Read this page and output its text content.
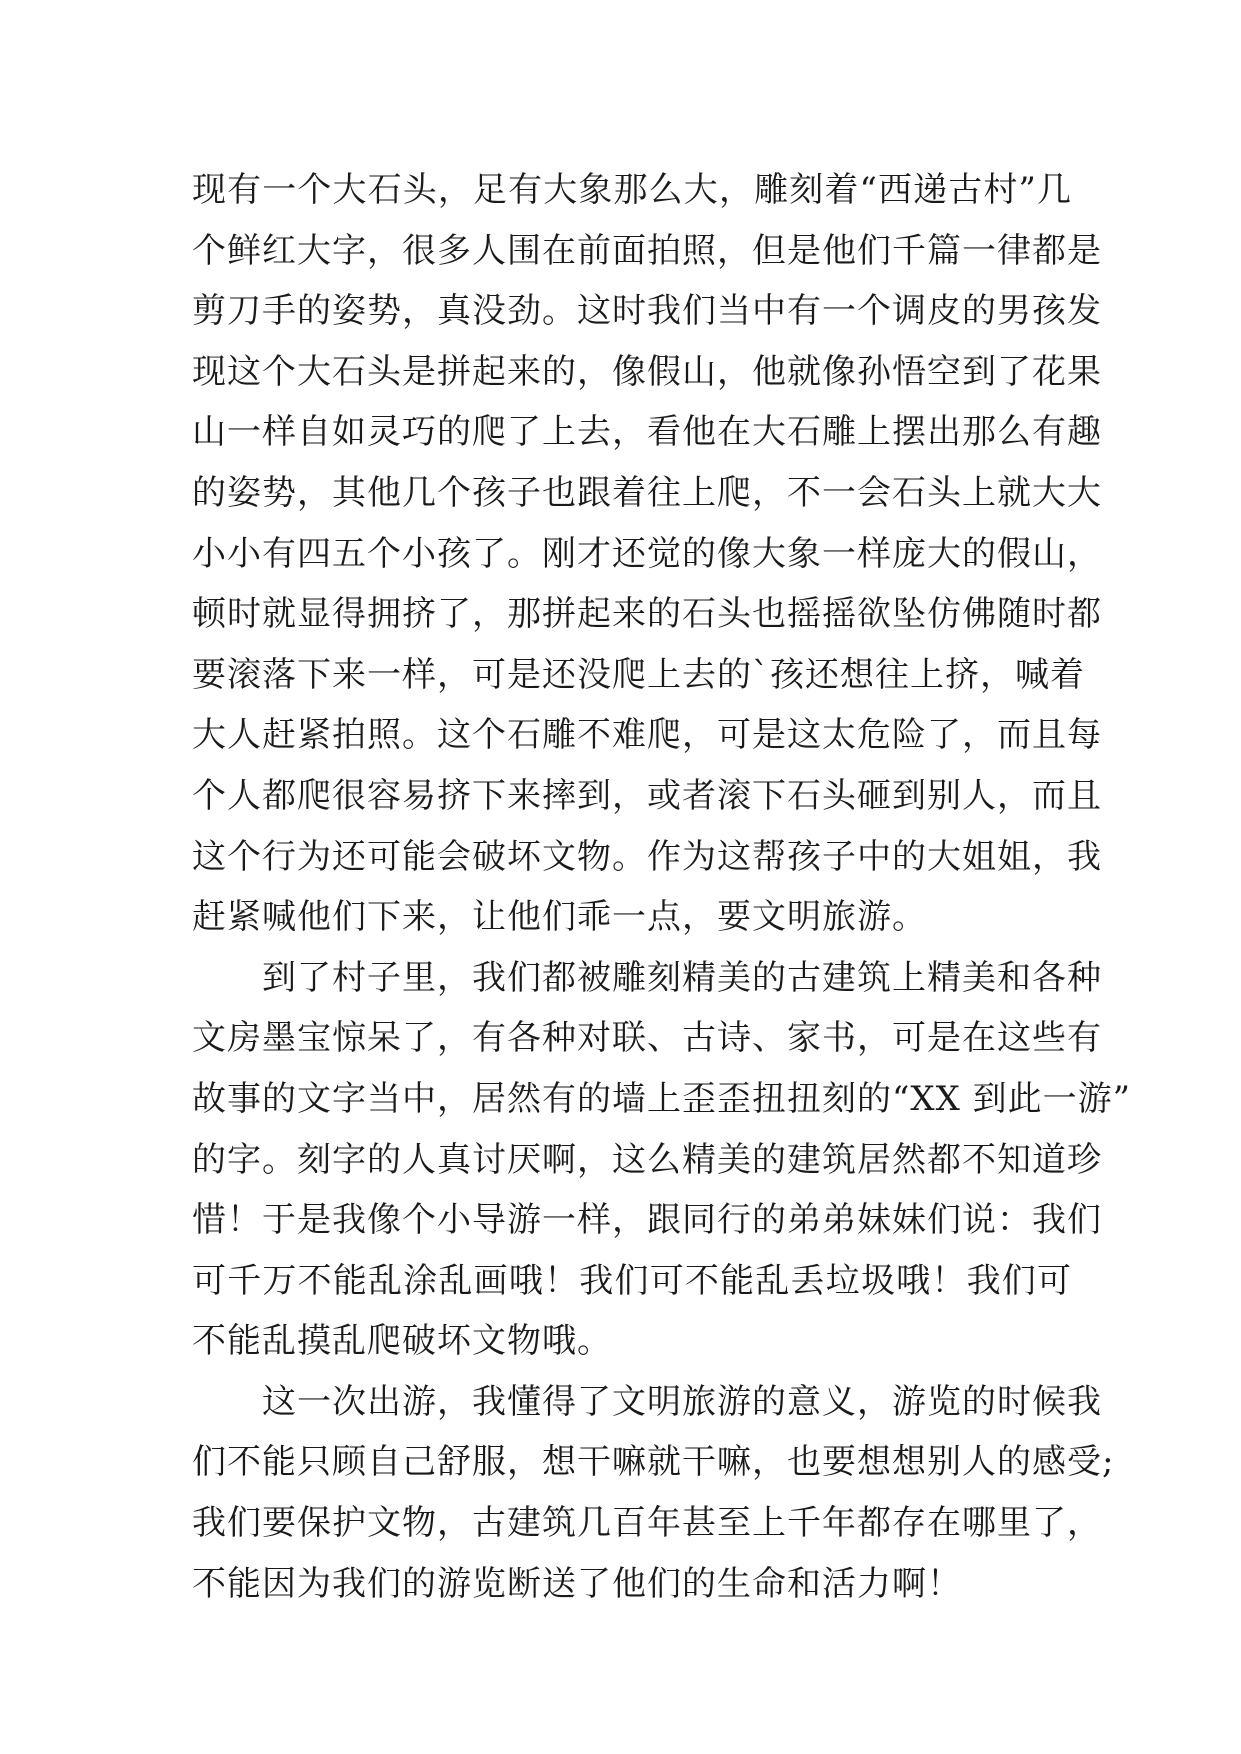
现有一个大石头，足有大象那么大，雕刻着“西递古村”几
个鲜红大字，很多人围在前面拍照，但是他们千篇一律都是
剪刀手的姿势，真没劲。这时我们当中有一个调皮的男孩发
现这个大石头是拼起来的，像假山，他就像孙悟空到了花果
山一样自如灵巧的爬了上去，看他在大石雕上摆出那么有趣
的姿势，其他几个孩子也跟着往上爬，不一会石头上就大大
小小有四五个小孩了。刚才还觉的像大象一样庞大的假山，
顿时就显得拥挤了，那拼起来的石头也摇摇欲坠仿佛随时都
要滚落下来一样，可是还没爬上去的`孩还想往上挤，喊着
大人赶紧拍照。这个石雕不难爬，可是这太危险了，而且每
个人都爬很容易挤下来摔到，或者滚下石头砸到别人，而且
这个行为还可能会破坏文物。作为这帮孩子中的大姐姐，我
赶紧喊他们下来，让他们乖一点，要文明旅游。
　　到了村子里，我们都被雕刻精美的古建筑上精美和各种
文房墨宝惊呆了，有各种对联、古诗、家书，可是在这些有
故事的文字当中，居然有的墙上歪歪扭扭刻的“XX 到此一游”
的字。刻字的人真讨厌啊，这么精美的建筑居然都不知道珍
惜！于是我像个小导游一样，跟同行的弟弟妹妹们说：我们
可千万不能乱涂乱画哦！我们可不能乱丢垃圾哦！我们可
不能乱摸乱爬破坏文物哦。
　　这一次出游，我懂得了文明旅游的意义，游览的时候我
们不能只顾自己舒服，想干嘛就干嘛，也要想想别人的感受;
我们要保护文物，古建筑几百年甚至上千年都存在哪里了，
不能因为我们的游览断送了他们的生命和活力啊！
